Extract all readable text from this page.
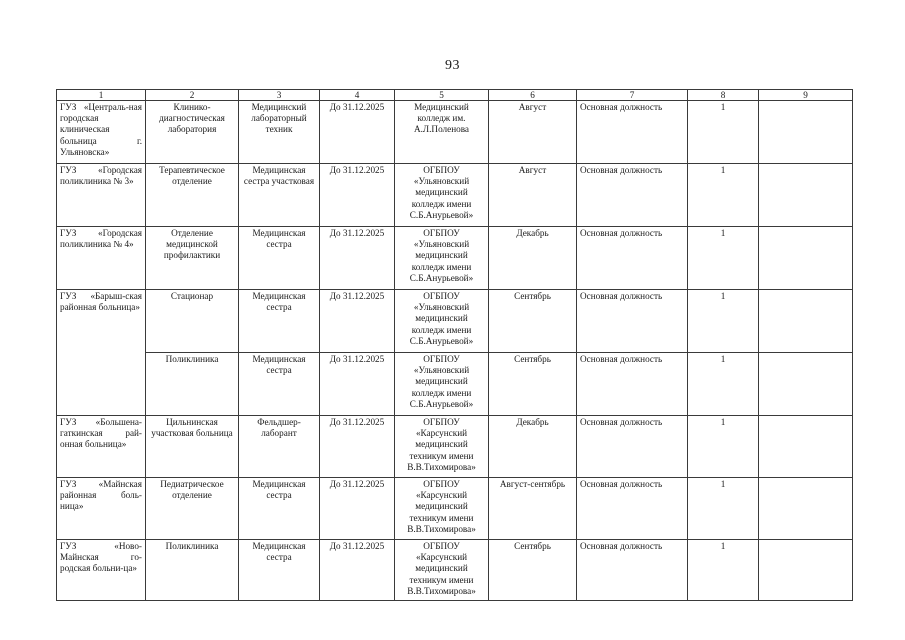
93
1	2	3	4	5	6	7	8	9
ГУЗ «Централь-ная городская клиническая больница г. Ульяновска»	Клинико-диагностическая лаборатория	Медицинский лабораторный техник	До 31.12.2025	Медицинский колледж им. А.Л.Поленова	Август	Основная должность	1	
ГУЗ «Городская поликлиника № 3»	Терапевтическое отделение	Медицинская сестра участковая	До 31.12.2025	ОГБПОУ «Ульяновский медицинский колледж имени С.Б.Анурьевой»	Август	Основная должность	1	
ГУЗ «Городская поликлиника № 4»	Отделение медицинской профилактики	Медицинская сестра	До 31.12.2025	ОГБПОУ «Ульяновский медицинский колледж имени С.Б.Анурьевой»	Декабрь	Основная должность	1	
ГУЗ «Барыш-ская районная больница»	Стационар	Медицинская сестра	До 31.12.2025	ОГБПОУ «Ульяновский медицинский колледж имени С.Б.Анурьевой»	Сентябрь	Основная должность	1	
	Поликлиника	Медицинская сестра	До 31.12.2025	ОГБПОУ «Ульяновский медицинский колледж имени С.Б.Анурьевой»	Сентябрь	Основная должность	1	
ГУЗ «Большена-гаткинская рай-онная больница»	Цильнинская участковая больница	Фельдшер-лаборант	До 31.12.2025	ОГБПОУ «Карсунский медицинский техникум имени В.В.Тихомирова»	Декабрь	Основная должность	1	
ГУЗ «Майнская районная боль-ница»	Педиатрическое отделение	Медицинская сестра	До 31.12.2025	ОГБПОУ «Карсунский медицинский техникум имени В.В.Тихомирова»	Август-сентябрь	Основная должность	1	
ГУЗ «Ново-Майнская го-родская больни-ца»	Поликлиника	Медицинская сестра	До 31.12.2025	ОГБПОУ «Карсунский медицинский техникум имени В.В.Тихомирова»	Сентябрь	Основная должность	1	
